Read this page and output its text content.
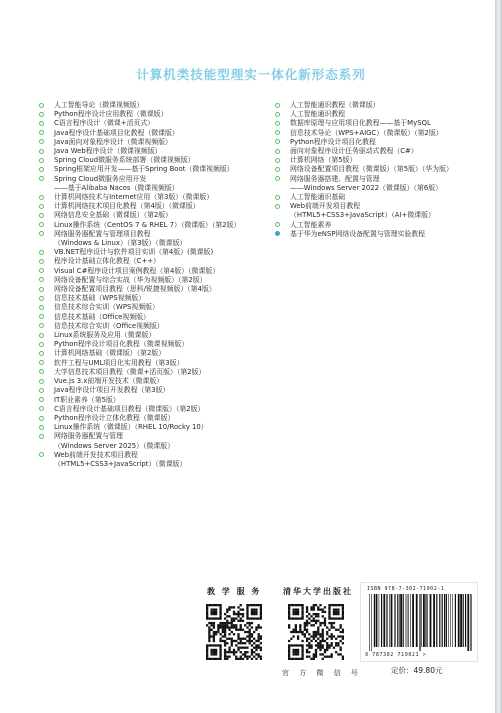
计算机类技能型理实一体化新形态系列
人工智能导论（微课视频版）
Python程序设计应用教程（微课版）
C语言程序设计（微课+活页式）
Java程序设计基础项目化教程（微课版）
Java面向对象程序设计（微课视频版）
Java Web程序设计（微课视频版）
Spring Cloud微服务系统部署（微课视频版）
Spring框架应用开发——基于Spring Boot（微课视频版）
Spring Cloud微服务应用开发
——基于Alibaba Nacos（微课视频版）
计算机网络技术与Internet应用（第3版）（微课版）
计算机网络技术项目化教程（第4版）（微课版）
网络信息安全基础（微课版）（第2版）
Linux操作系统（CentOS 7 & RHEL 7）（微课版）（第2版）
网络服务器配置与管理项目教程
（Windows & Linux）（第3版）（微课版）
VB.NET程序设计与软件项目实训（第4版）(微课版)
程序设计基础立体化教程（C++）
Visual C#程序设计项目案例教程（第4版）（微课版）
网络设备配置与综合实战（华为视频版）（第2版）
网络设备配置项目教程（思科/锐捷视频版）（第4版）
信息技术基础（WPS视频版）
信息技术综合实训（WPS视频版）
信息技术基础（Office视频版）
信息技术综合实训（Office视频版）
Linux系统服务及应用（微课版）
Python程序设计项目化教程（微课视频版）
计算机网络基础（微课版）（第2版）
软件工程与UML项目化实用教程（第3版）
大学信息技术项目教程（微课+活页版）（第2版）
Vue.js 3.x前端开发技术（微课版）
Java程序设计项目开发教程（第3版）
IT职业素养（第5版）
C语言程序设计基础项目教程（微课版）（第2版）
Python程序设计立体化教程（微课版）
Linux操作系统（微课版）（RHEL 10/Rocky 10）
网络服务器配置与管理
（Windows Server 2025）（微课版）
Web前端开发技术项目教程
（HTML5+CSS3+JavaScript）（微课版）
人工智能通识教程（微课版）
人工智能通识教程
数据库原理与应用项目化教程——基于MySQL
信息技术导论（WPS+AIGC）（微课版）（第2版）
Python程序设计项目化教程
面向对象程序设计任务驱动式教程（C#）
计算机网络（第5版）
网络设备配置项目教程（微课版）（第5版）（华为版）
网络服务器搭建、配置与管理
——Windows Server 2022（微课版）（第6版）
人工智能通识基础
Web前端开发项目教程
（HTML5+CSS3+JavaScript）（AI+微课版）
人工智能素养
基于华为eNSP网络设备配置与管理实验教程
教 学 服 务	清华大学出版社
官 方 微 信 号
ISBN 978-7-302-71902-1
9 787302 719021 >
定价：49.80元
